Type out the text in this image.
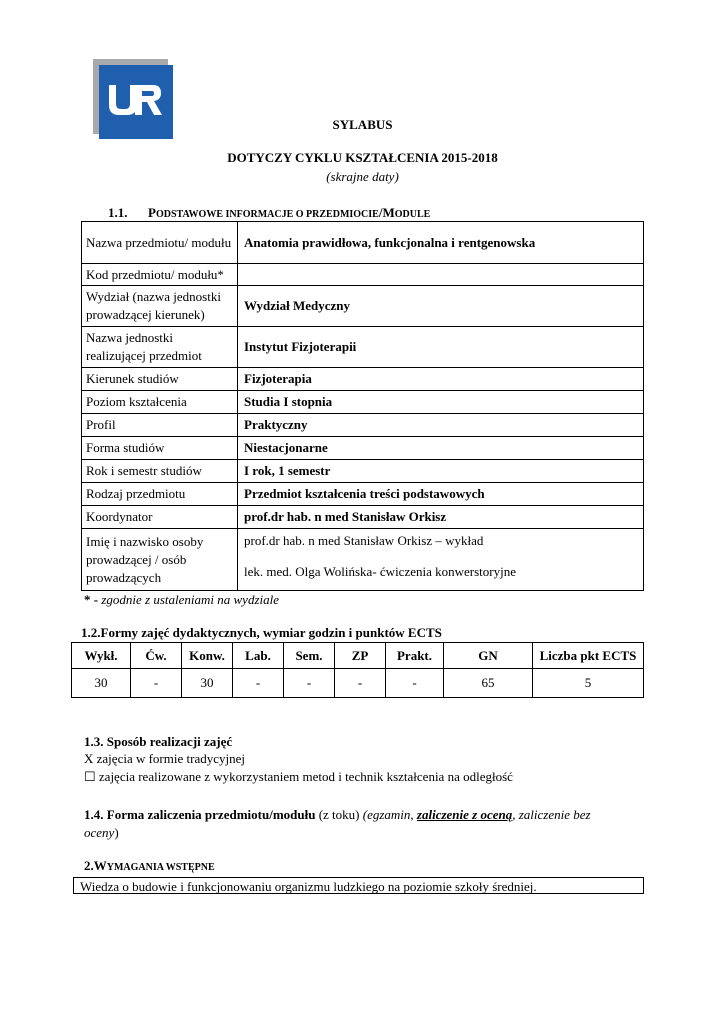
SYLABUS
DOTYCZY CYKLU KSZTAŁCENIA 2015-2018
(skrajne daty)
1.1. PODSTAWOWE INFORMACJE O PRZEDMIOCIE/MODULE
Nazwa przedmiotu/ modułu	Anatomia prawidłowa, funkcjonalna i rentgenowska
Kod przedmiotu/ modułu*	
Wydział (nazwa jednostki prowadzącej kierunek)	Wydział Medyczny
Nazwa jednostki realizującej przedmiot	Instytut Fizjoterapii
Kierunek studiów	Fizjoterapia
Poziom kształcenia	Studia I stopnia
Profil	Praktyczny
Forma studiów	Niestacjonarne
Rok i semestr studiów	I rok, 1 semestr
Rodzaj przedmiotu	Przedmiot kształcenia treści podstawowych
Koordynator	prof.dr hab. n med Stanisław Orkisz
Imię i nazwisko osoby prowadzącej / osób prowadzących	prof.dr hab. n med Stanisław Orkisz – wykład
lek. med. Olga Wolińska- ćwiczenia konwerstoryjne
* - zgodnie z ustaleniami na wydziale
1.2.Formy zajęć dydaktycznych, wymiar godzin i punktów ECTS
Wykł.	Ćw.	Konw.	Lab.	Sem.	ZP	Prakt.	GN	Liczba pkt ECTS
30	-	30	-	-	-	-	65	5
1.3. Sposób realizacji zajęć
X zajęcia w formie tradycyjnej
☐ zajęcia realizowane z wykorzystaniem metod i technik kształcenia na odległość
1.4. Forma zaliczenia przedmiotu/modułu (z toku) (egzamin, zaliczenie z oceną, zaliczenie bez oceny)
2.WYMAGANIA WSTĘPNE
Wiedza o budowie i funkcjonowaniu organizmu ludzkiego na poziomie szkoły średniej.
